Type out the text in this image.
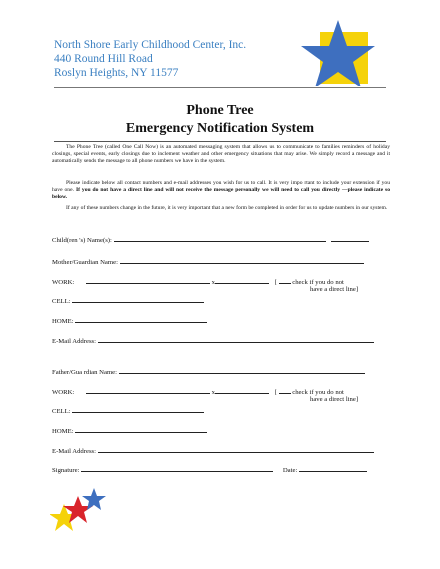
North Shore Early Childhood Center, Inc.
440 Round Hill Road
Roslyn Heights, NY 11577
Phone Tree
Emergency Notification System
The Phone Tree (called One Call Now) is an automated messaging system that allows us to communicate to families reminders of holiday closings, special events, early closings due to inclement weather and other emergency situations that may arise. We simply record a message and it automatically sends the message to all phone numbers we have in the system.
Please indicate below all contact numbers and e-mail addresses you wish for us to call. It is very impo rtant to include your extension if you have one. If you do not have a direct line and will not receive the message personally we will need to call you directly —please indicate so below.
If any of these numbers change in the future, it is very important that a new form be completed in order for us to update numbers in our system.
Child(ren 's) Name(s):
Mother/Guardian Name:
WORK:	x	[ check if you do not
have a direct line]
CELL:
HOME:
E-Mail Address:
Father/Gua rdian Name:
WORK:	x	[ check if you do not
have a direct line]
CELL:
HOME:
E-Mail Address:
Signature:	Date:
